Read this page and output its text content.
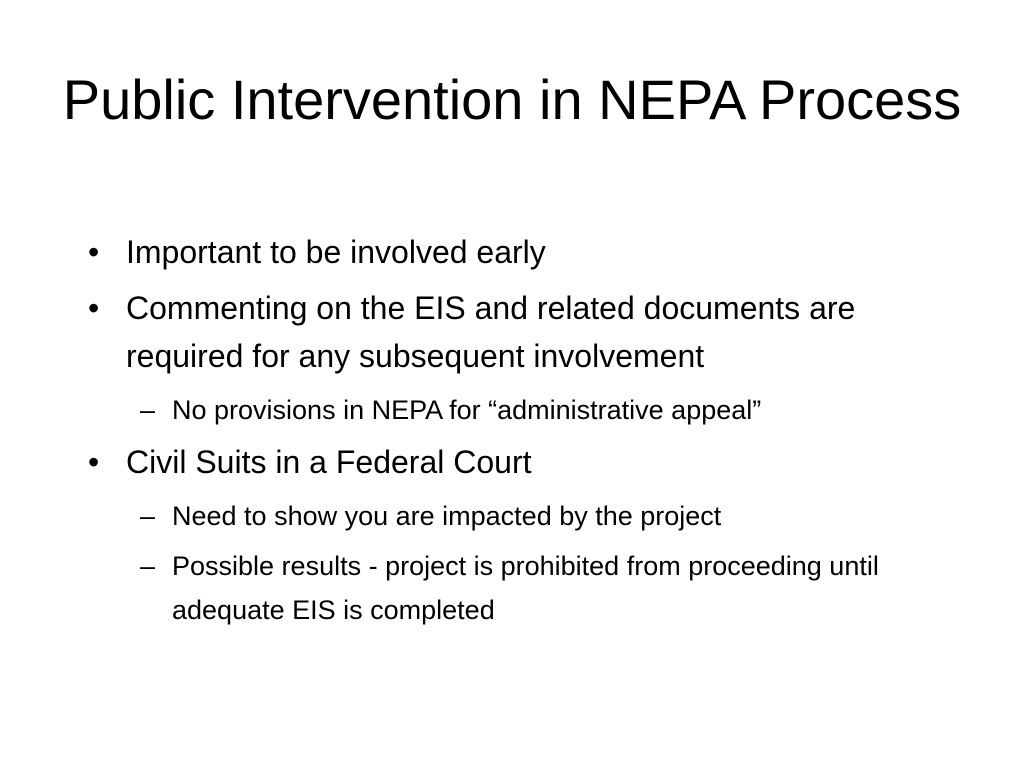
Public Intervention in NEPA Process
• Important to be involved early
• Commenting on the EIS and related documents are required for any subsequent involvement
– No provisions in NEPA for “administrative appeal”
• Civil Suits in a Federal Court
– Need to show you are impacted by the project
– Possible results - project is prohibited from proceeding until adequate EIS is completed
